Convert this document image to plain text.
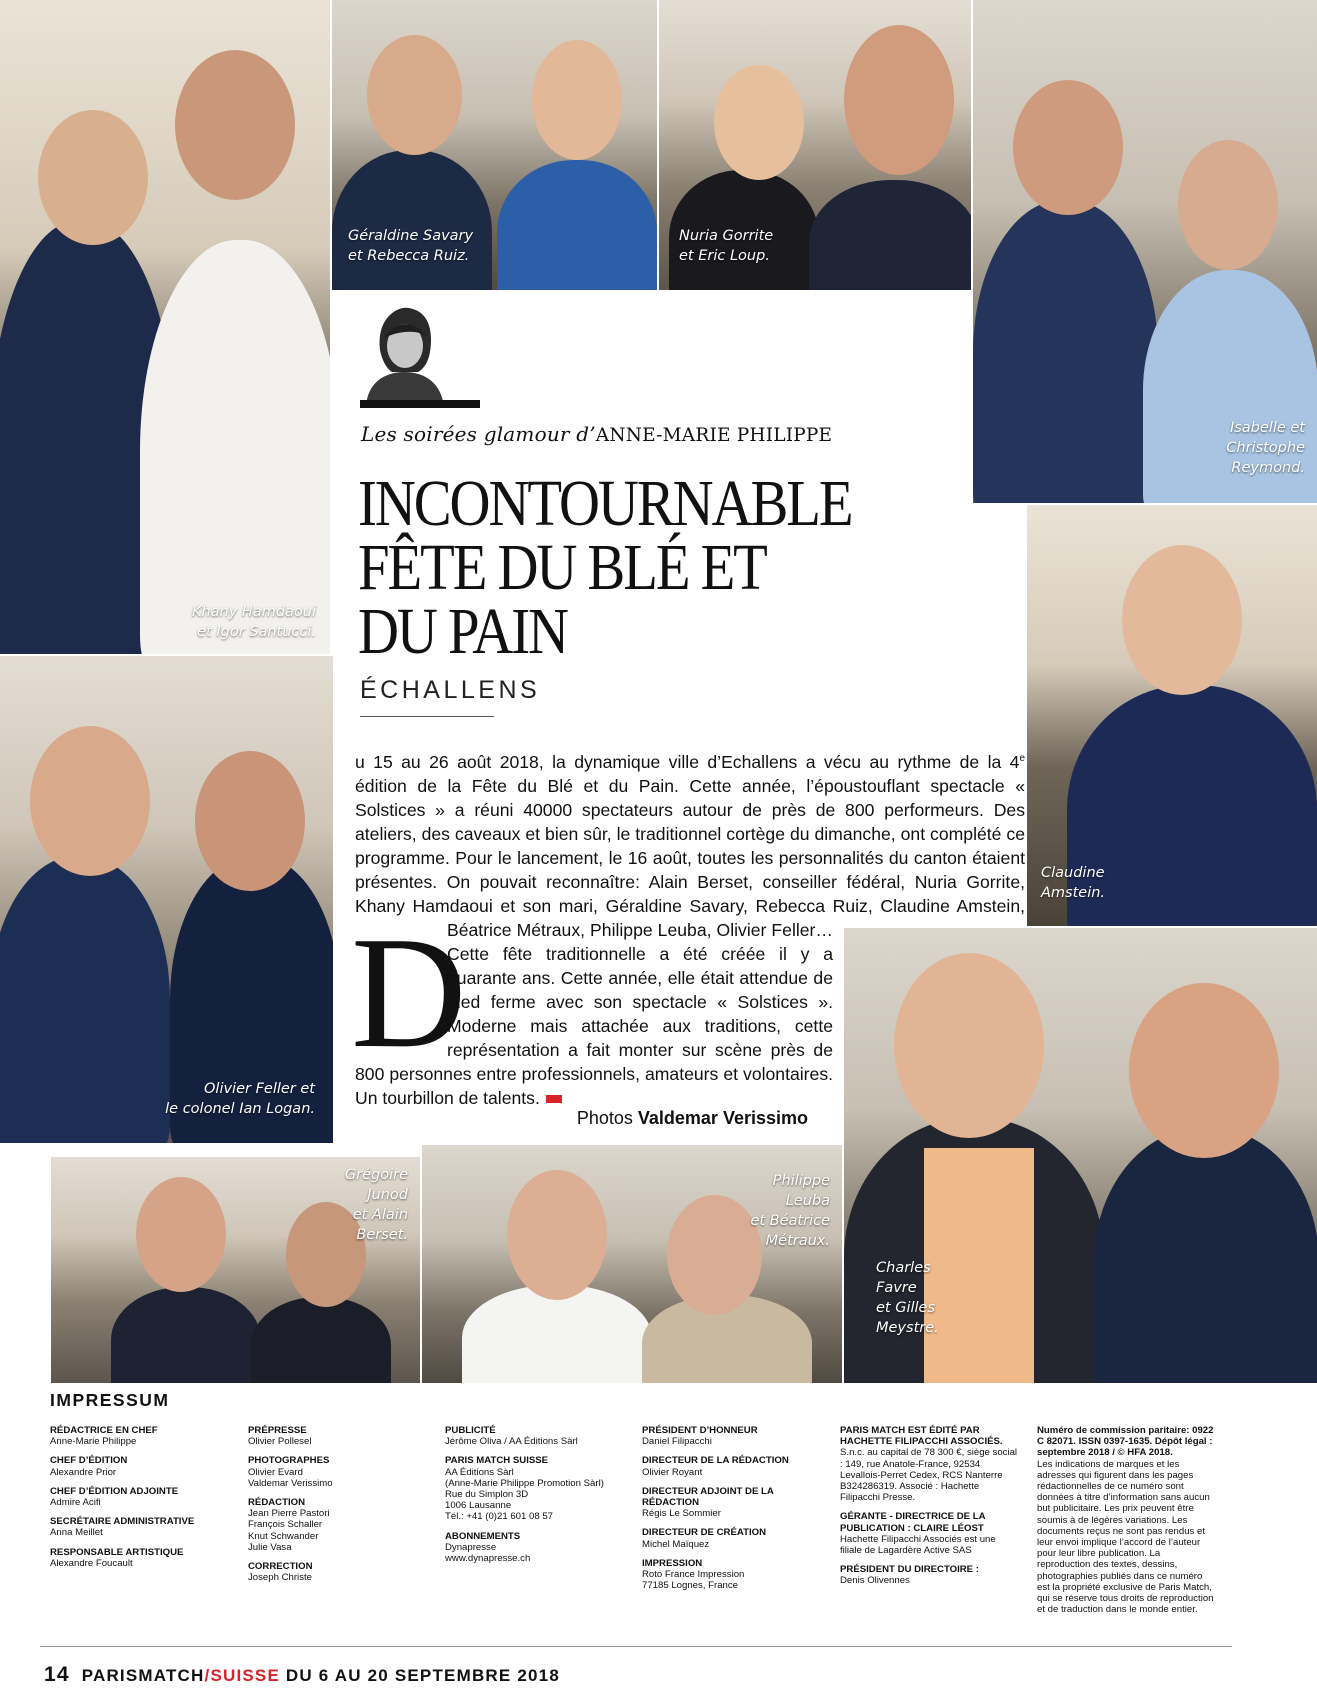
Khany Hamdaoui
et Igor Santucci.
Géraldine Savary
et Rebecca Ruiz.
Nuria Gorrite
et Eric Loup.
Isabelle et
Christophe
Reymond.
Claudine
Amstein.
Olivier Feller et
le colonel Ian Logan.
Charles
Favre
et Gilles
Meystre.
Grégoire
Junod
et Alain
Berset.
Philippe
Leuba
et Béatrice
Métraux.
Les soirées glamour d’ANNE-MARIE PHILIPPE
INCONTOURNABLE
FÊTE DU BLÉ ET
DU PAIN
ÉCHALLENS
D

u 15 au 26 août 2018, la dynamique ville d’Echallens a vécu au rythme de la 4e édition de la Fête du Blé et du Pain. Cette année, l’époustouflant spectacle « Solstices » a réuni 40000 spectateurs autour de près de 800 performeurs. Des ateliers, des caveaux et bien sûr, le traditionnel cortège du dimanche, ont complété ce programme. Pour le lancement, le 16 août, toutes les personnalités du canton étaient présentes. On pouvait reconnaître: Alain Berset, conseiller fédéral, Nuria Gorrite, Khany Hamdaoui et son mari, Géraldine Savary, Rebecca Ruiz, Claudine Amstein, Béatrice Métraux, Philippe Leuba, Olivier Feller… Cette fête traditionnelle a été créée il y a quarante ans. Cette année, elle était attendue de pied ferme avec son spectacle « Solstices ». Moderne mais attachée aux traditions, cette représentation a fait monter sur scène près de 800 personnes entre professionnels, amateurs et volontaires. Un tourbillon de talents.

Photos Valdemar Verissimo
IMPRESSUM
RÉDACTRICE EN CHEF
Anne-Marie Philippe
CHEF D’ÉDITION
Alexandre Prior
CHEF D’ÉDITION ADJOINTE
Admire Acifi
SECRÉTAIRE ADMINISTRATIVE
Anna Meillet
RESPONSABLE ARTISTIQUE
Alexandre Foucault
PRÉPRESSE
Olivier Pollesel
PHOTOGRAPHES
Olivier Evard
Valdemar Verissimo
RÉDACTION
Jean Pierre Pastori
François Schaller
Knut Schwander
Julie Vasa
CORRECTION
Joseph Christe
PUBLICITÉ
Jérôme Oliva / AA Éditions Sàrl
PARIS MATCH SUISSE
AA Éditions Sàrl
(Anne-Marie Philippe Promotion Sàrl)
Rue du Simplon 3D
1006 Lausanne
Tél.: +41 (0)21 601 08 57
ABONNEMENTS
Dynapresse
www.dynapresse.ch
PRÉSIDENT D’HONNEUR
Daniel Filipacchi
DIRECTEUR DE LA RÉDACTION
Olivier Royant
DIRECTEUR ADJOINT DE LA RÉDACTION
Régis Le Sommier
DIRECTEUR DE CRÉATION
Michel Maïquez
IMPRESSION
Roto France Impression
77185 Lognes, France
PARIS MATCH EST ÉDITÉ PAR HACHETTE FILIPACCHI ASSOCIÉS.
S.n.c. au capital de 78 300 €, siège social : 149, rue Anatole-France, 92534 Levallois-Perret Cedex, RCS Nanterre B324286319. Associé : Hachette Filipacchi Presse.
GÉRANTE - DIRECTRICE DE LA PUBLICATION : CLAIRE LÉOST
Hachette Filipacchi Associés est une filiale de Lagardère Active SAS
PRÉSIDENT DU DIRECTOIRE :
Denis Olivennes
Numéro de commission paritaire: 0922 C 82071. ISSN 0397-1635. Dépôt légal : septembre 2018 / © HFA 2018.
Les indications de marques et les adresses qui figurent dans les pages rédactionnelles de ce numéro sont données à titre d’information sans aucun but publicitaire. Les prix peuvent être soumis à de légères variations. Les documents reçus ne sont pas rendus et leur envoi implique l’accord de l’auteur pour leur libre publication. La reproduction des textes, dessins, photographies publiés dans ce numéro est la propriété exclusive de Paris Match, qui se réserve tous droits de reproduction et de traduction dans le monde entier.
14 PARISMATCH/SUISSE DU 6 AU 20 SEPTEMBRE 2018
